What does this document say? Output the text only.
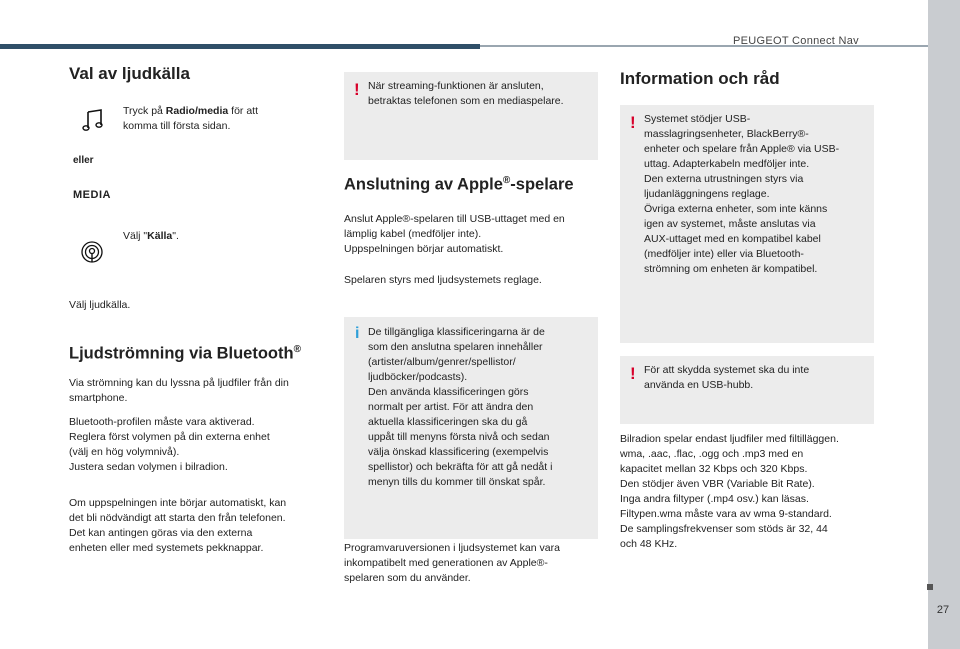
PEUGEOT Connect Nav
27
Val av ljudkälla

Tryck på Radio/media för att
komma till första sidan.

eller

MEDIA

Välj "Källa".

Välj ljudkälla.

Ljudströmning via Bluetooth®

Via strömning kan du lyssna på ljudfiler från din
smartphone.

Bluetooth-profilen måste vara aktiverad.
Reglera först volymen på din externa enhet
(välj en hög volymnivå).
Justera sedan volymen i bilradion.

Om uppspelningen inte börjar automatiskt, kan
det bli nödvändigt att starta den från telefonen.
Det kan antingen göras via den externa
enheten eller med systemets pekknappar.

! När streaming-funktionen är ansluten,
betraktas telefonen som en mediaspelare.

Anslutning av Apple®-spelare

Anslut Apple®-spelaren till USB-uttaget med en
lämplig kabel (medföljer inte).
Uppspelningen börjar automatiskt.

Spelaren styrs med ljudsystemets reglage.

i De tillgängliga klassificeringarna är de
som den anslutna spelaren innehåller
(artister/album/genrer/spellistor/
ljudböcker/podcasts).
Den använda klassificeringen görs
normalt per artist. För att ändra den
aktuella klassificeringen ska du gå
uppåt till menyns första nivå och sedan
välja önskad klassificering (exempelvis
spellistor) och bekräfta för att gå nedåt i
menyn tills du kommer till önskat spår.

Programvaruversionen i ljudsystemet kan vara
inkompatibelt med generationen av Apple®-
spelaren som du använder.

Information och råd
! Systemet stödjer USB-
masslagringsenheter, BlackBerry®-
enheter och spelare från Apple® via USB-
uttag. Adapterkabeln medföljer inte.
Den externa utrustningen styrs via
ljudanläggningens reglage.
Övriga externa enheter, som inte känns
igen av systemet, måste anslutas via
AUX-uttaget med en kompatibel kabel
(medföljer inte) eller via Bluetooth-
strömning om enheten är kompatibel.

! För att skydda systemet ska du inte
använda en USB-hubb.

Bilradion spelar endast ljudfiler med filtilläggen.
wma, .aac, .flac, .ogg och .mp3 med en
kapacitet mellan 32 Kbps och 320 Kbps.
Den stödjer även VBR (Variable Bit Rate).
Inga andra filtyper (.mp4 osv.) kan läsas.
Filtypen.wma måste vara av wma 9-standard.
De samplingsfrekvenser som stöds är 32, 44
och 48 KHz.
